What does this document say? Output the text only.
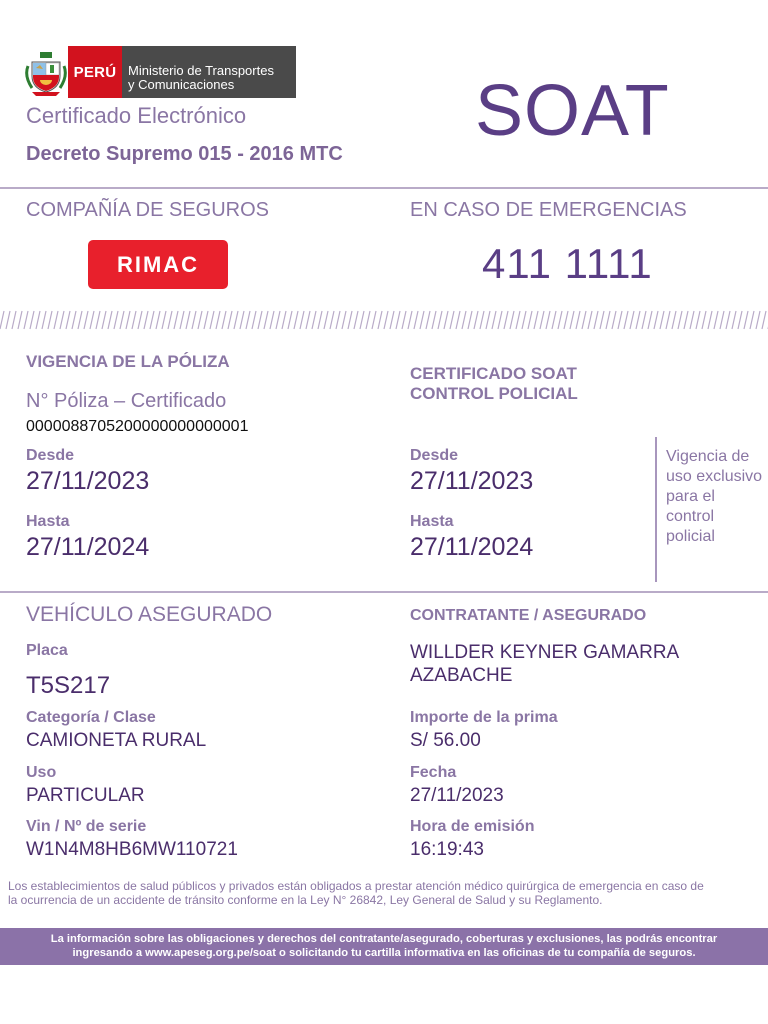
PERÚ Ministerio de Transportes
y Comunicaciones
Certificado Electrónico
Decreto Supremo 015 - 2016 MTC
SOAT
COMPAÑÍA DE SEGUROS	EN CASO DE EMERGENCIAS
RIMAC	411 1111
VIGENCIA DE LA PÓLIZA
N° Póliza – Certificado
0000088705200000000000001
Desde
27/11/2023
Hasta
27/11/2024
CERTIFICADO SOAT
CONTROL POLICIAL
Desde
27/11/2023
Hasta
27/11/2024
Vigencia de uso exclusivo para el control policial
VEHÍCULO ASEGURADO
Placa
T5S217
Categoría / Clase
CAMIONETA RURAL
Uso
PARTICULAR
Vin / Nº de serie
W1N4M8HB6MW110721
CONTRATANTE / ASEGURADO
WILLDER KEYNER GAMARRA
AZABACHE
Importe de la prima
S/ 56.00
Fecha
27/11/2023
Hora de emisión
16:19:43
Los establecimientos de salud públicos y privados están obligados a prestar atención médico quirúrgica de emergencia en caso de
la ocurrencia de un accidente de tránsito conforme en la Ley N° 26842, Ley General de Salud y su Reglamento.
La información sobre las obligaciones y derechos del contratante/asegurado, coberturas y exclusiones, las podrás encontrar
ingresando a www.apeseg.org.pe/soat o solicitando tu cartilla informativa en las oficinas de tu compañía de seguros.
